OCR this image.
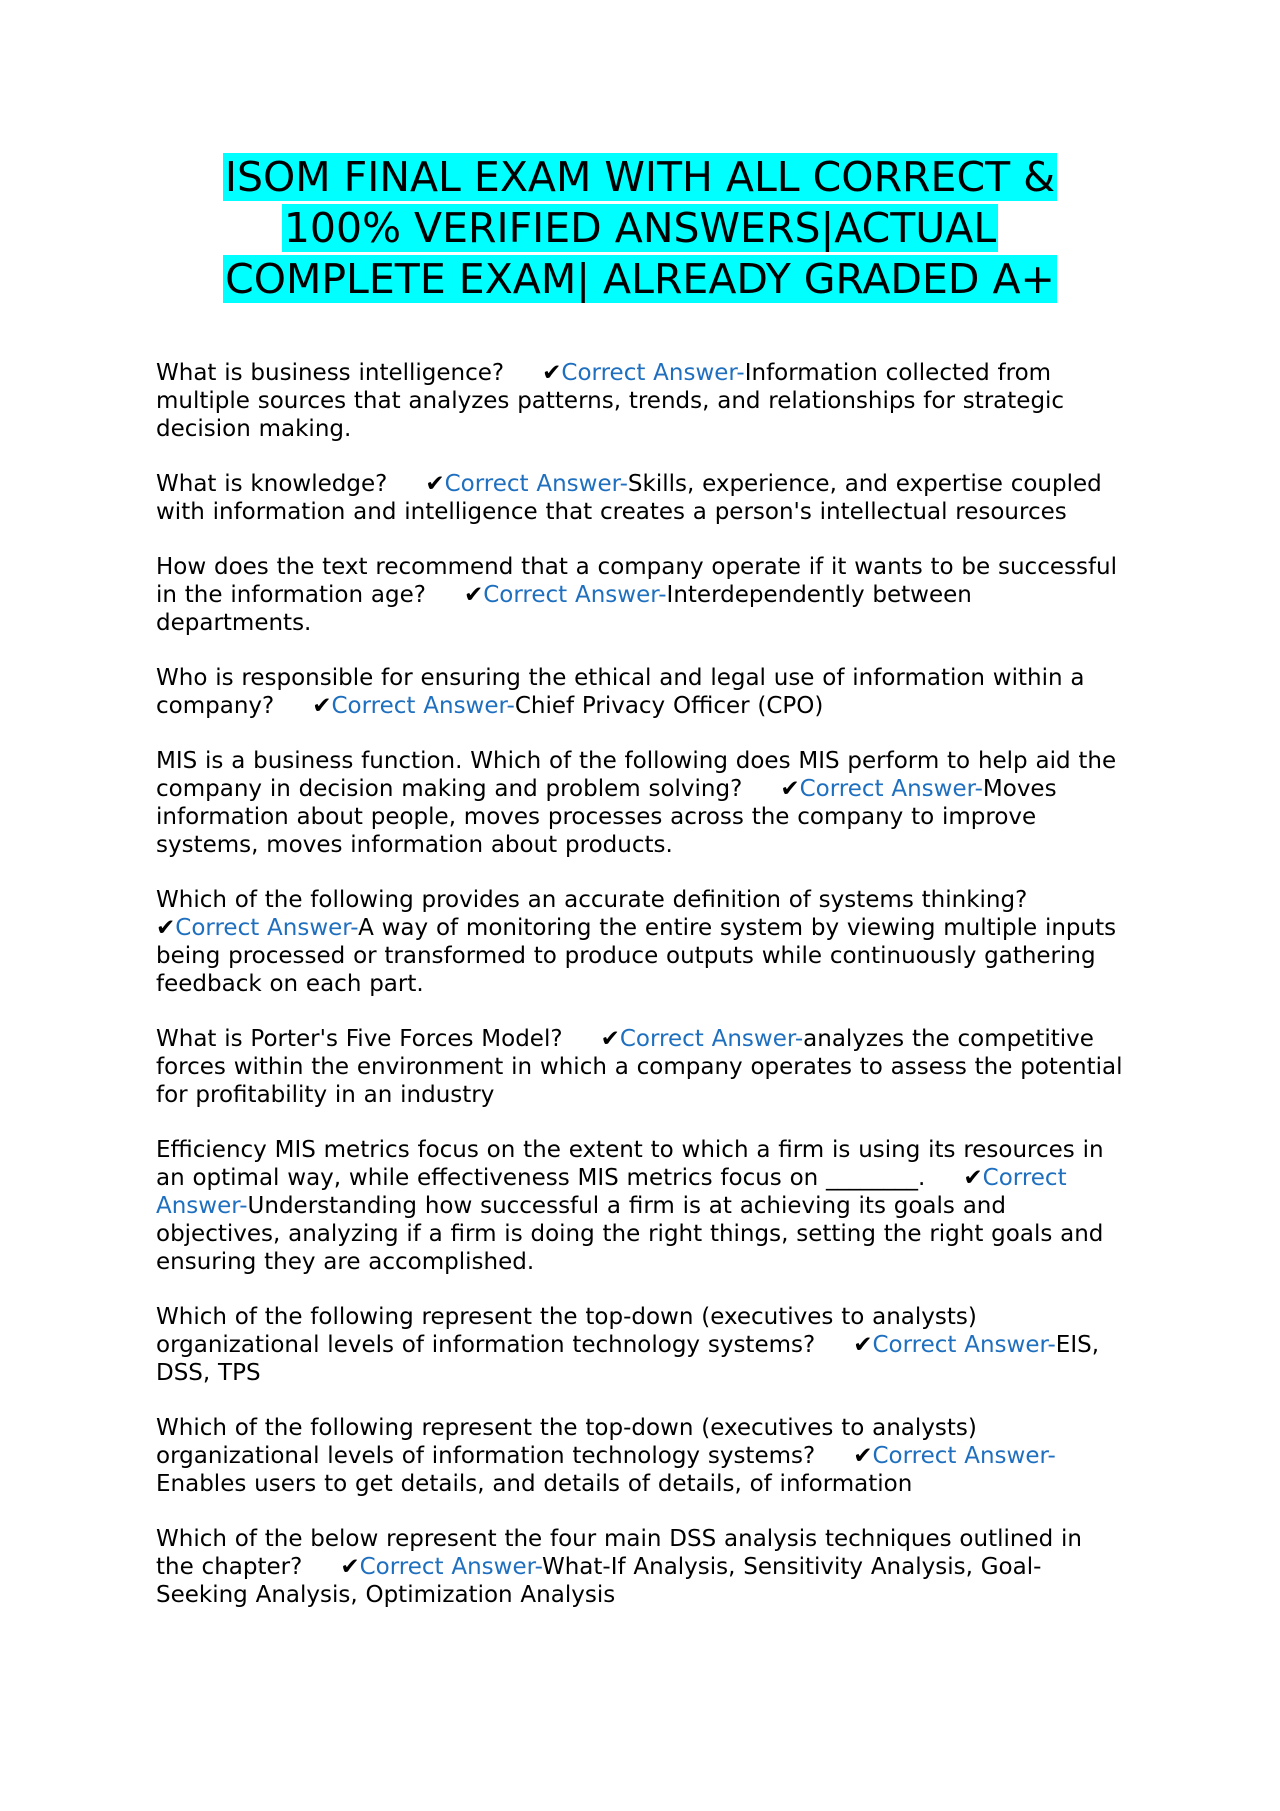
ISOM FINAL EXAM WITH ALL CORRECT &
100% VERIFIED ANSWERS|ACTUAL
COMPLETE EXAM| ALREADY GRADED A+
What is business intelligence? ✔Correct Answer-Information collected from multiple sources that analyzes patterns, trends, and relationships for strategic decision making.
What is knowledge? ✔Correct Answer-Skills, experience, and expertise coupled with information and intelligence that creates a person's intellectual resources
How does the text recommend that a company operate if it wants to be successful in the information age? ✔Correct Answer-Interdependently between departments.
Who is responsible for ensuring the ethical and legal use of information within a company? ✔Correct Answer-Chief Privacy Officer (CPO)
MIS is a business function. Which of the following does MIS perform to help aid the company in decision making and problem solving? ✔Correct Answer-Moves information about people, moves processes across the company to improve systems, moves information about products.
Which of the following provides an accurate definition of systems thinking?✔Correct Answer-A way of monitoring the entire system by viewing multiple inputs being processed or transformed to produce outputs while continuously gathering feedback on each part.
What is Porter's Five Forces Model? ✔Correct Answer-analyzes the competitive forces within the environment in which a company operates to assess the potential for profitability in an industry
Efficiency MIS metrics focus on the extent to which a firm is using its resources in an optimal way, while effectiveness MIS metrics focus on ________. ✔Correct Answer-Understanding how successful a firm is at achieving its goals and objectives, analyzing if a firm is doing the right things, setting the right goals and ensuring they are accomplished.
Which of the following represent the top-down (executives to analysts) organizational levels of information technology systems? ✔Correct Answer-EIS, DSS, TPS
Which of the following represent the top-down (executives to analysts) organizational levels of information technology systems? ✔Correct Answer-Enables users to get details, and details of details, of information
Which of the below represent the four main DSS analysis techniques outlined in the chapter? ✔Correct Answer-What-If Analysis, Sensitivity Analysis, Goal-Seeking Analysis, Optimization Analysis
